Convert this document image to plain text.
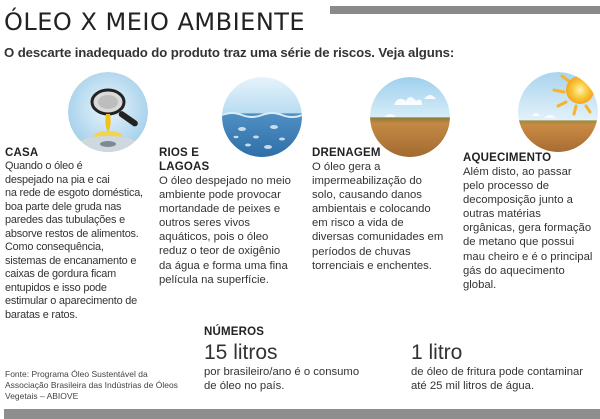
ÓLEO X MEIO AMBIENTE
O descarte inadequado do produto traz uma série de riscos. Veja alguns:
CASA
Quando o óleo é
despejado na pia e cai
na rede de esgoto doméstica,
boa parte dele gruda nas
paredes das tubulações e
absorve restos de alimentos.
Como consequência,
sistemas de encanamento e
caixas de gordura ficam
entupidos e isso pode
estimular o aparecimento de
baratas e ratos.
RIOS E
LAGOAS
O óleo despejado no meio
ambiente pode provocar
mortandade de peixes e
outros seres vivos
aquáticos, pois o óleo
reduz o teor de oxigênio
da água e forma uma fina
película na superfície.
DRENAGEM
O óleo gera a
impermeabilização do
solo, causando danos
ambientais e colocando
em risco a vida de
diversas comunidades em
períodos de chuvas
torrenciais e enchentes.
AQUECIMENTO
Além disto, ao passar
pelo processo de
decomposição junto a
outras matérias
orgânicas, gera formação
de metano que possui
mau cheiro e é o principal
gás do aquecimento
global.
NÚMEROS
15 litros
por brasileiro/ano é o consumo
de óleo no país.
1 litro
de óleo de fritura pode contaminar
até 25 mil litros de água.
Fonte: Programa Óleo Sustentável da
Associação Brasileira das Indústrias de Óleos
Vegetais – ABIOVE
